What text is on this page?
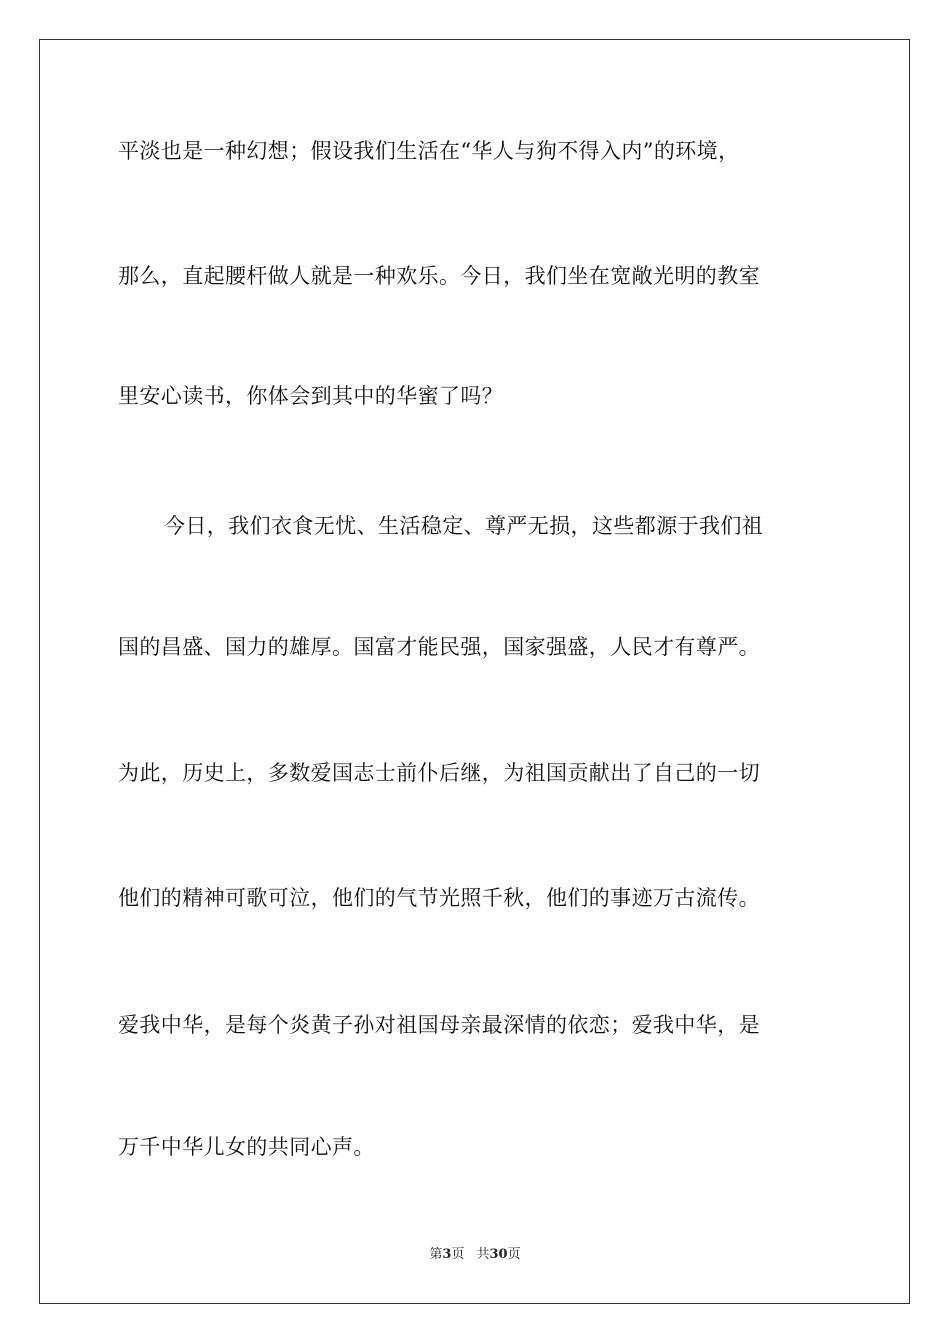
平淡也是一种幻想；假设我们生活在“华人与狗不得入内”的环境，
那么，直起腰杆做人就是一种欢乐。今日，我们坐在宽敞光明的教室
里安心读书，你体会到其中的华蜜了吗？
今日，我们衣食无忧、生活稳定、尊严无损，这些都源于我们祖
国的昌盛、国力的雄厚。国富才能民强，国家强盛，人民才有尊严。
为此，历史上，多数爱国志士前仆后继，为祖国贡献出了自己的一切
他们的精神可歌可泣，他们的气节光照千秋，他们的事迹万古流传。
爱我中华，是每个炎黄子孙对祖国母亲最深情的依恋；爱我中华，是
万千中华儿女的共同心声。
第3页 共30页
